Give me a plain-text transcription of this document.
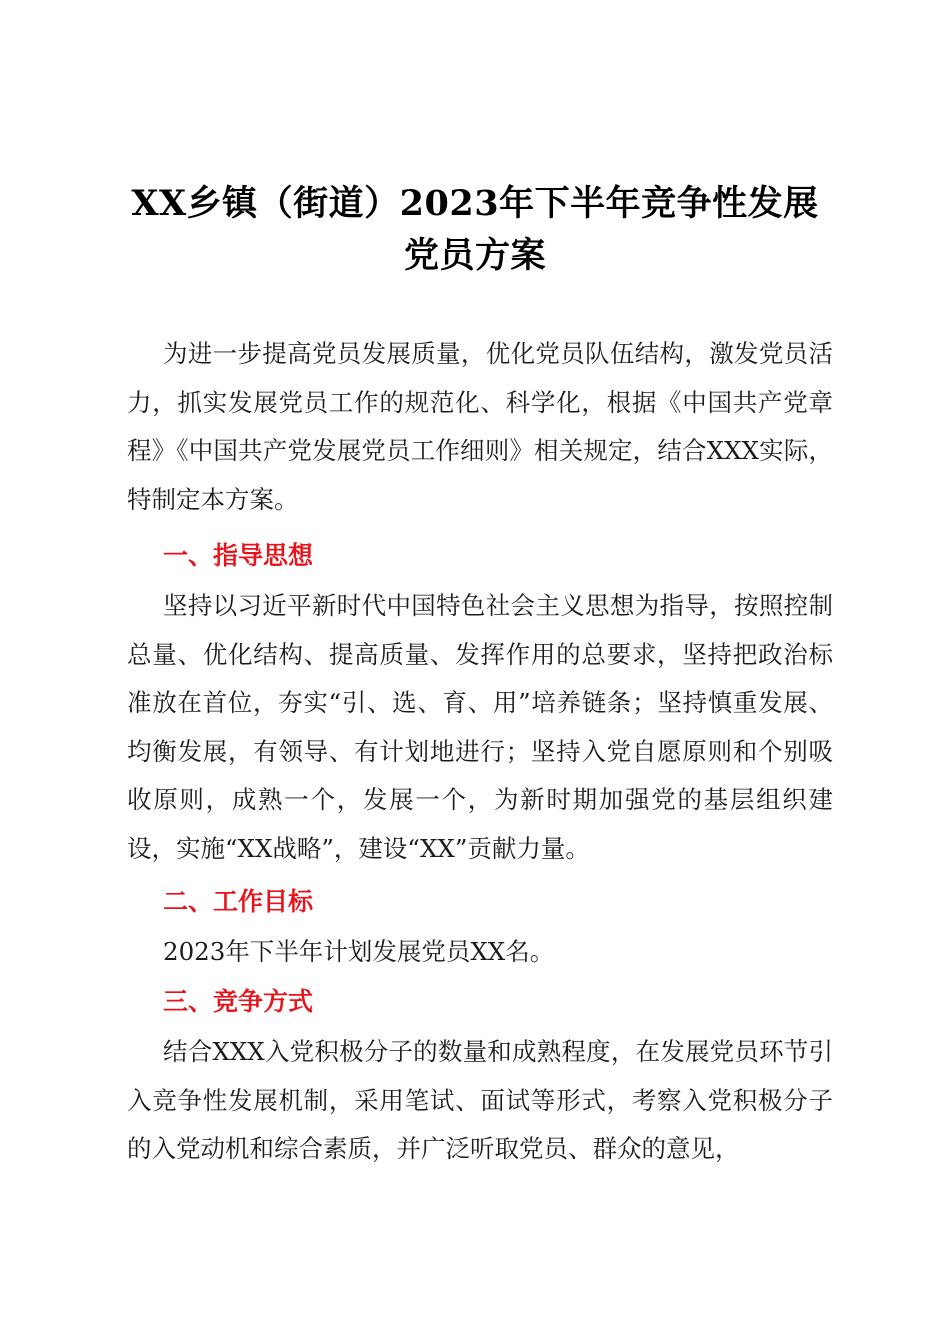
XX乡镇（街道）2023年下半年竞争性发展党员方案
为进一步提高党员发展质量，优化党员队伍结构，激发党员活力，抓实发展党员工作的规范化、科学化，根据《中国共产党章程》《中国共产党发展党员工作细则》相关规定，结合XXX实际，特制定本方案。
一、指导思想
坚持以习近平新时代中国特色社会主义思想为指导，按照控制总量、优化结构、提高质量、发挥作用的总要求，坚持把政治标准放在首位，夯实“引、选、育、用”培养链条；坚持慎重发展、均衡发展，有领导、有计划地进行；坚持入党自愿原则和个别吸收原则，成熟一个，发展一个，为新时期加强党的基层组织建设，实施“XX战略”，建设“XX”贡献力量。
二、工作目标
2023年下半年计划发展党员XX名。
三、竞争方式
结合XXX入党积极分子的数量和成熟程度，在发展党员环节引入竞争性发展机制，采用笔试、面试等形式，考察入党积极分子的入党动机和综合素质，并广泛听取党员、群众的意见，
